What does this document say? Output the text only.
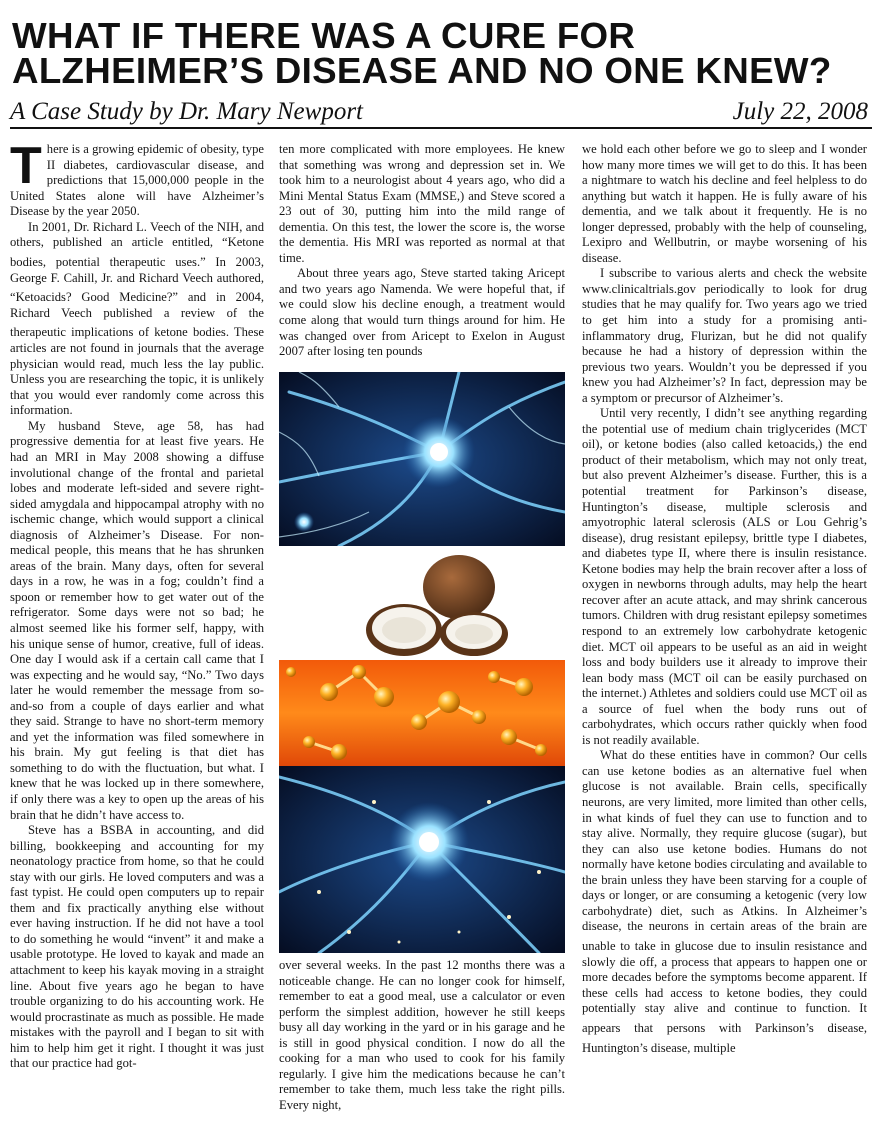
WHAT IF THERE WAS A CURE FOR
ALZHEIMER’S DISEASE AND NO ONE KNEW?
A Case Study by Dr. Mary Newport	July 22, 2008

There is a growing epidemic of obesity, type II diabetes, cardiovascular disease, and predictions that 15,000,000 people in the United States alone will have Alzheimer’s Disease by the year 2050.

In 2001, Dr. Richard L. Veech of the NIH, and others, published an article entitled, “Ketone bodies, potential therapeutic uses.” In 2003, George F. Cahill, Jr. and Richard Veech authored, “Ketoacids? Good Medicine?” and in 2004, Richard Veech published a review of the therapeutic implications of ketone bodies. These articles are not found in journals that the average physician would read, much less the lay public. Unless you are researching the topic, it is unlikely that you would ever randomly come across this information.

My husband Steve, age 58, has had progressive dementia for at least five years. He had an MRI in May 2008 showing a diffuse involutional change of the frontal and parietal lobes and moderate left-sided and severe right-sided amygdala and hippocampal atrophy with no ischemic change, which would support a clinical diagnosis of Alzheimer’s Disease. For non-medical people, this means that he has shrunken areas of the brain. Many days, often for several days in a row, he was in a fog; couldn’t find a spoon or remember how to get water out of the refrigerator. Some days were not so bad; he almost seemed like his former self, happy, with his unique sense of humor, creative, full of ideas. One day I would ask if a certain call came that I was expecting and he would say, “No.” Two days later he would remember the message from so-and-so from a couple of days earlier and what they said. Strange to have no short-term memory and yet the information was filed somewhere in his brain. My gut feeling is that diet has something to do with the fluctuation, but what. I knew that he was locked up in there somewhere, if only there was a key to open up the areas of his brain that he didn’t have access to.

Steve has a BSBA in accounting, and did billing, bookkeeping and accounting for my neonatology practice from home, so that he could stay with our girls. He loved computers and was a fast typist. He could open computers up to repair them and fix practically anything else without ever having instruction. If he did not have a tool to do something he would “invent” it and make a usable prototype. He loved to kayak and made an attachment to keep his kayak moving in a straight line. About five years ago he began to have trouble organizing to do his accounting work. He would procrastinate as much as possible. He made mistakes with the payroll and I began to sit with him to help him get it right. I thought it was just that our practice had got-

ten more complicated with more employees. He knew that something was wrong and depression set in. We took him to a neurologist about 4 years ago, who did a Mini Mental Status Exam (MMSE,) and Steve scored a 23 out of 30, putting him into the mild range of dementia. On this test, the lower the score is, the worse the dementia. His MRI was reported as normal at that time.

About three years ago, Steve started taking Aricept and two years ago Namenda. We were hopeful that, if we could slow his decline enough, a treatment would come along that would turn things around for him. He was changed over from Aricept to Exelon in August 2007 after losing ten pounds

over several weeks. In the past 12 months there was a noticeable change. He can no longer cook for himself, remember to eat a good meal, use a calculator or even perform the simplest addition, however he still keeps busy all day working in the yard or in his garage and he is still in good physical condition. I now do all the cooking for a man who used to cook for his family regularly. I give him the medications because he can’t remember to take them, much less take the right pills. Every night,

we hold each other before we go to sleep and I wonder how many more times we will get to do this. It has been a nightmare to watch his decline and feel helpless to do anything but watch it happen. He is fully aware of his dementia, and we talk about it frequently. He is no longer depressed, probably with the help of counseling, Lexipro and Wellbutrin, or maybe worsening of his disease.

I subscribe to various alerts and check the website www.clinicaltrials.gov periodically to look for drug studies that he may qualify for. Two years ago we tried to get him into a study for a promising anti-inflammatory drug, Flurizan, but he did not qualify because he had a history of depression within the previous two years. Wouldn’t you be depressed if you knew you had Alzheimer’s? In fact, depression may be a symptom or precursor of Alzheimer’s.

Until very recently, I didn’t see anything regarding the potential use of medium chain triglycerides (MCT oil), or ketone bodies (also called ketoacids,) the end product of their metabolism, which may not only treat, but also prevent Alzheimer’s disease. Further, this is a potential treatment for Parkinson’s disease, Huntington’s disease, multiple sclerosis and amyotrophic lateral sclerosis (ALS or Lou Gehrig’s disease), drug resistant epilepsy, brittle type I diabetes, and diabetes type II, where there is insulin resistance. Ketone bodies may help the brain recover after a loss of oxygen in newborns through adults, may help the heart recover after an acute attack, and may shrink cancerous tumors. Children with drug resistant epilepsy sometimes respond to an extremely low carbohydrate ketogenic diet. MCT oil appears to be useful as an aid in weight loss and body builders use it already to improve their lean body mass (MCT oil can be easily purchased on the internet.) Athletes and soldiers could use MCT oil as a source of fuel when the body runs out of carbohydrates, which occurs rather quickly when food is not readily available.

What do these entities have in common? Our cells can use ketone bodies as an alternative fuel when glucose is not available. Brain cells, specifically neurons, are very limited, more limited than other cells, in what kinds of fuel they can use to function and to stay alive. Normally, they require glucose (sugar), but they can also use ketone bodies. Humans do not normally have ketone bodies circulating and available to the brain unless they have been starving for a couple of days or longer, or are consuming a ketogenic (very low carbohydrate) diet, such as Atkins. In Alzheimer’s disease, the neurons in certain areas of the brain are unable to take in glucose due to insulin resistance and slowly die off, a process that appears to happen one or more decades before the symptoms become apparent. If these cells had access to ketone bodies, they could potentially stay alive and continue to function. It appears that persons with Parkinson’s disease, Huntington’s disease, multiple
